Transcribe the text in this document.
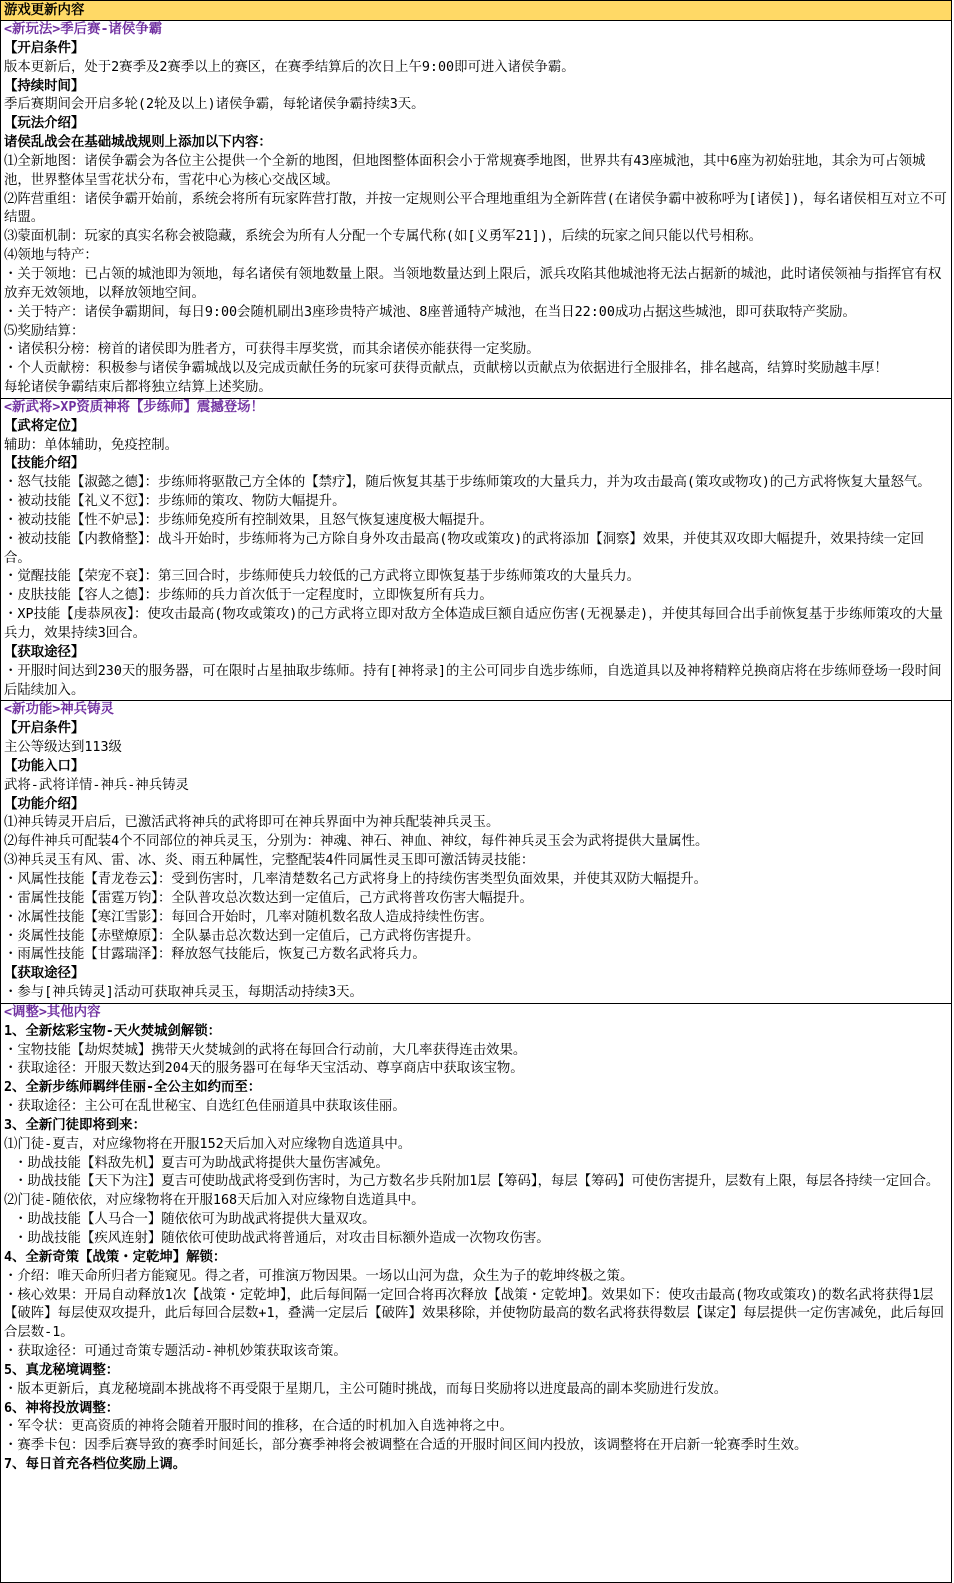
游戏更新内容
<新玩法>季后赛-诸侯争霸
【开启条件】
版本更新后，处于2赛季及2赛季以上的赛区，在赛季结算后的次日上午9:00即可进入诸侯争霸。
【持续时间】
季后赛期间会开启多轮(2轮及以上)诸侯争霸，每轮诸侯争霸持续3天。
【玩法介绍】
诸侯乱战会在基础城战规则上添加以下内容：
⑴全新地图：诸侯争霸会为各位主公提供一个全新的地图，但地图整体面积会小于常规赛季地图，世界共有43座城池，其中6座为初始驻地，其余为可占领城池，世界整体呈雪花状分布，雪花中心为核心交战区域。
⑵阵营重组：诸侯争霸开始前，系统会将所有玩家阵营打散，并按一定规则公平合理地重组为全新阵营(在诸侯争霸中被称呼为[诸侯])，每名诸侯相互对立不可结盟。
⑶蒙面机制：玩家的真实名称会被隐藏，系统会为所有人分配一个专属代称(如[义勇军21])，后续的玩家之间只能以代号相称。
⑷领地与特产：
・关于领地：已占领的城池即为领地，每名诸侯有领地数量上限。当领地数量达到上限后，派兵攻陷其他城池将无法占据新的城池，此时诸侯领袖与指挥官有权放弃无效领地，以释放领地空间。
・关于特产：诸侯争霸期间，每日9:00会随机刷出3座珍贵特产城池、8座普通特产城池，在当日22:00成功占据这些城池，即可获取特产奖励。
⑸奖励结算：
・诸侯积分榜：榜首的诸侯即为胜者方，可获得丰厚奖赏，而其余诸侯亦能获得一定奖励。
・个人贡献榜：积极参与诸侯争霸城战以及完成贡献任务的玩家可获得贡献点，贡献榜以贡献点为依据进行全服排名，排名越高，结算时奖励越丰厚！
每轮诸侯争霸结束后都将独立结算上述奖励。
<新武将>XP资质神将【步练师】震撼登场！
【武将定位】
辅助：单体辅助，免疫控制。
【技能介绍】
・怒气技能【淑懿之德】：步练师将驱散己方全体的【禁疗】，随后恢复其基于步练师策攻的大量兵力，并为攻击最高(策攻或物攻)的己方武将恢复大量怒气。
・被动技能【礼义不愆】：步练师的策攻、物防大幅提升。
・被动技能【性不妒忌】：步练师免疫所有控制效果，且怒气恢复速度极大幅提升。
・被动技能【内教脩整】：战斗开始时，步练师将为己方除自身外攻击最高(物攻或策攻)的武将添加【洞察】效果，并使其双攻即大幅提升，效果持续一定回合。
・觉醒技能【荣宠不衰】：第三回合时，步练师使兵力较低的己方武将立即恢复基于步练师策攻的大量兵力。
・皮肤技能【容人之德】：步练师的兵力首次低于一定程度时，立即恢复所有兵力。
・XP技能【虔恭夙夜】：使攻击最高(物攻或策攻)的己方武将立即对敌方全体造成巨额自适应伤害(无视暴走)，并使其每回合出手前恢复基于步练师策攻的大量兵力，效果持续3回合。
【获取途径】
・开服时间达到230天的服务器，可在限时占星抽取步练师。持有[神将录]的主公可同步自选步练师，自选道具以及神将精粹兑换商店将在步练师登场一段时间后陆续加入。
<新功能>神兵铸灵
【开启条件】
主公等级达到113级
【功能入口】
武将-武将详情-神兵-神兵铸灵
【功能介绍】
⑴神兵铸灵开启后，已激活武将神兵的武将即可在神兵界面中为神兵配装神兵灵玉。
⑵每件神兵可配装4个不同部位的神兵灵玉，分别为：神魂、神石、神血、神纹，每件神兵灵玉会为武将提供大量属性。
⑶神兵灵玉有风、雷、冰、炎、雨五种属性，完整配装4件同属性灵玉即可激活铸灵技能：
・风属性技能【青龙卷云】：受到伤害时，几率清楚数名己方武将身上的持续伤害类型负面效果，并使其双防大幅提升。
・雷属性技能【雷霆万钧】：全队普攻总次数达到一定值后，己方武将普攻伤害大幅提升。
・冰属性技能【寒江雪影】：每回合开始时，几率对随机数名敌人造成持续性伤害。
・炎属性技能【赤壁燎原】：全队暴击总次数达到一定值后，己方武将伤害提升。
・雨属性技能【甘露瑞泽】：释放怒气技能后，恢复己方数名武将兵力。
【获取途径】
・参与[神兵铸灵]活动可获取神兵灵玉，每期活动持续3天。
<调整>其他内容
1、全新炫彩宝物-天火焚城剑解锁：
・宝物技能【劫烬焚城】携带天火焚城剑的武将在每回合行动前，大几率获得连击效果。
・获取途径：开服天数达到204天的服务器可在每华天宝活动、尊享商店中获取该宝物。
2、全新步练师羁绊佳丽-全公主如约而至：
・获取途径：主公可在乱世秘宝、自选红色佳丽道具中获取该佳丽。
3、全新门徒即将到来：
⑴门徒-夏吉，对应缘物将在开服152天后加入对应缘物自选道具中。
・助战技能【料敌先机】夏吉可为助战武将提供大量伤害减免。
・助战技能【天下为注】夏吉可使助战武将受到伤害时，为己方数名步兵附加1层【筹码】，每层【筹码】可使伤害提升，层数有上限，每层各持续一定回合。
⑵门徒-随依依，对应缘物将在开服168天后加入对应缘物自选道具中。
・助战技能【人马合一】随依依可为助战武将提供大量双攻。
・助战技能【疾风连射】随依依可使助战武将普通后，对攻击目标额外造成一次物攻伤害。
4、全新奇策【战策・定乾坤】解锁：
・介绍：唯天命所归者方能窥见。得之者，可推演万物因果。一场以山河为盘，众生为子的乾坤终极之策。
・核心效果：开局自动释放1次【战策・定乾坤】，此后每间隔一定回合将再次释放【战策・定乾坤】。效果如下：使攻击最高(物攻或策攻)的数名武将获得1层【破阵】每层使双攻提升，此后每回合层数+1，叠满一定层后【破阵】效果移除，并使物防最高的数名武将获得数层【谋定】每层提供一定伤害减免，此后每回合层数-1。
・获取途径：可通过奇策专题活动-神机妙策获取该奇策。
5、真龙秘境调整：
・版本更新后，真龙秘境副本挑战将不再受限于星期几，主公可随时挑战，而每日奖励将以进度最高的副本奖励进行发放。
6、神将投放调整：
・军令状：更高资质的神将会随着开服时间的推移，在合适的时机加入自选神将之中。
・赛季卡包：因季后赛导致的赛季时间延长，部分赛季神将会被调整在合适的开服时间区间内投放，该调整将在开启新一轮赛季时生效。
7、每日首充各档位奖励上调。
